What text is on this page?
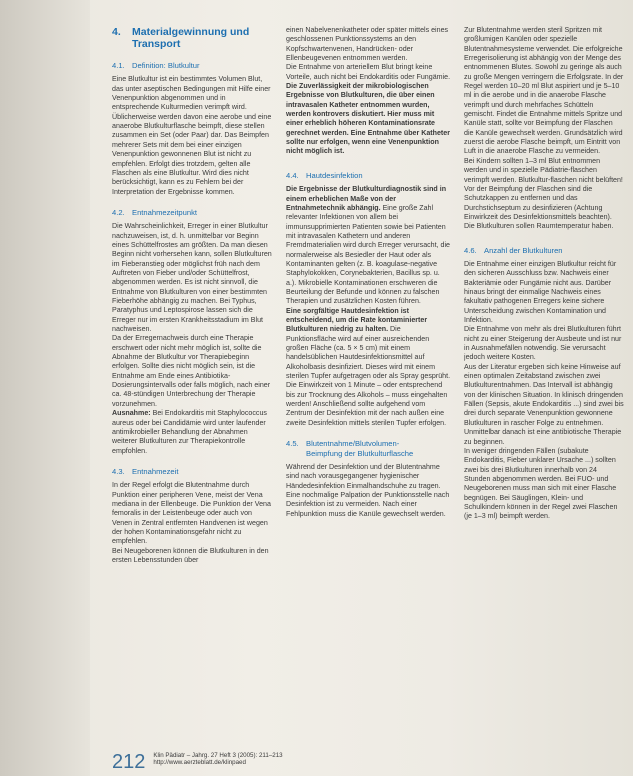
4.	Materialgewinnung und
Transport
4.1. Definition: Blutkultur

Eine Blutkultur ist ein bestimmtes Volumen Blut, das unter aseptischen Bedingungen mit Hilfe einer Venenpunktion abgenommen und in entsprechende Kulturmedien verimpft wird. Üblicherweise werden davon eine aerobe und eine anaerobe Blutkulturflasche beimpft, diese stellen zusammen ein Set (oder Paar) dar. Das Beimpfen mehrerer Sets mit dem bei einer einzigen Venenpunktion gewonnenen Blut ist nicht zu empfehlen. Erfolgt dies trotzdem, gelten alle Flaschen als eine Blutkultur. Wird dies nicht berücksichtigt, kann es zu Fehlern bei der Interpretation der Ergebnisse kommen.

4.2. Entnahmezeitpunkt

Die Wahrscheinlichkeit, Erreger in einer Blutkultur nachzuweisen, ist, d. h. unmittelbar vor Beginn eines Schüttelfrostes am größten. Da man diesen Beginn nicht vorhersehen kann, sollen Blutkulturen im Fieberanstieg oder möglichst früh nach dem Auftreten von Fieber und/oder Schüttelfrost, abgenommen werden. Es ist nicht sinnvoll, die Entnahme von Blutkulturen von einer bestimmten Fieberhöhe abhängig zu machen. Bei Typhus, Paratyphus und Leptospirose lassen sich die Erreger nur im ersten Krankheitsstadium im Blut nachweisen.

Da der Erregernachweis durch eine Therapie erschwert oder nicht mehr möglich ist, sollte die Abnahme der Blutkultur vor Therapiebeginn erfolgen. Sollte dies nicht möglich sein, ist die Entnahme am Ende eines Antibiotika-Dosierungsintervalls oder falls möglich, nach einer ca. 48-stündigen Unterbrechung der Therapie vorzunehmen.

Ausnahme: Bei Endokarditis mit Staphylococcus aureus oder bei Candidämie wird unter laufender antimikrobieller Behandlung der Abnahmen weiterer Blutkulturen zur Therapiekontrolle empfohlen.

4.3. Entnahmezeit

In der Regel erfolgt die Blutentnahme durch Punktion einer peripheren Vene, meist der Vena mediana in der Ellenbeuge. Die Punktion der Vena femoralis in der Leistenbeuge oder auch von Venen in Zentral entfernten Handvenen ist wegen der hohen Kontaminationsgefahr nicht zu empfehlen.

Bei Neugeborenen können die Blutkulturen in den ersten Lebensstunden über

einen Nabelvenenkatheter oder später mittels eines geschlossenen Punktionssystems an den Kopfschwartenvenen, Handrücken- oder Ellenbeugevenen entnommen werden.

Die Entnahme von arteriellem Blut bringt keine Vorteile, auch nicht bei Endokarditis oder Fungämie.

Die Zuverlässigkeit der mikrobiologischen Ergebnisse von Blutkulturen, die über einen intravasalen Katheter entnommen wurden, werden kontrovers diskutiert. Hier muss mit einer erheblich höheren Kontaminationsrate gerechnet werden. Eine Entnahme über Katheter sollte nur erfolgen, wenn eine Venenpunktion nicht möglich ist.

4.4. Hautdesinfektion

Die Ergebnisse der Blutkulturdiagnostik sind in einem erheblichen Maße von der Entnahmetechnik abhängig. Eine große Zahl relevanter Infektionen von allem bei immunsupprimierten Patienten sowie bei Patienten mit intravasalen Kathetern und anderen Fremdmaterialien wird durch Erreger verursacht, die normalerweise als Besiedler der Haut oder als Kontaminanten gelten (z. B. koagulase-negative Staphylokokken, Corynebakterien, Bacillus sp. u. a.). Mikrobielle Kontaminationen erschweren die Beurteilung der Befunde und können zu falschen Therapien und zusätzlichen Kosten führen.

Eine sorgfältige Hautdesinfektion ist entscheidend, um die Rate kontaminierter Blutkulturen niedrig zu halten. Die Punktionsfläche wird auf einer ausreichenden großen Fläche (ca. 5 × 5 cm) mit einem handelsüblichen Hautdesinfektionsmittel auf Alkoholbasis desinfiziert. Dieses wird mit einem sterilen Tupfer aufgetragen oder als Spray gesprüht. Die Einwirkzeit von 1 Minute – oder entsprechend bis zur Trocknung des Alkohols – muss eingehalten werden! Anschließend sollte aufgehend vom Zentrum der Desinfektion mit der nach außen eine zweite Desinfektion mittels sterilen Tupfer erfolgen.

4.5. Blutentnahme/Blutvolumen-
Beimpfung der Blutkulturflasche

Während der Desinfektion und der Blutentnahme sind nach vorausgegangener hygienischer Händedesinfektion Einmalhandschuhe zu tragen. Eine nochmalige Palpation der Punktionsstelle nach Desinfektion ist zu vermeiden. Nach einer Fehlpunktion muss die Kanüle gewechselt werden.

Zur Blutentnahme werden steril Spritzen mit großlumigen Kanülen oder spezielle Blutentnahmesysteme verwendet. Die erfolgreiche Erregerisolierung ist abhängig von der Menge des entnommenen Blutes. Sowohl zu geringe als auch zu große Mengen verringern die Erfolgsrate. In der Regel werden 10–20 ml Blut aspiriert und je 5–10 ml in die aerobe und in die anaerobe Flasche verimpft und durch mehrfaches Schütteln gemischt. Findet die Entnahme mittels Spritze und Kanüle statt, sollte vor Beimpfung der Flaschen die Kanüle gewechselt werden. Grundsätzlich wird zuerst die aerobe Flasche beimpft, um Eintritt von Luft in die anaerobe Flasche zu vermeiden.

Bei Kindern sollten 1–3 ml Blut entnommen werden und in spezielle Pädiatrie-flaschen verimpft werden. Blutkultur-flaschen nicht belüften!

Vor der Beimpfung der Flaschen sind die Schutzkappen zu entfernen und das Durchstichseptum zu desinfizieren (Achtung Einwirkzeit des Desinfektionsmittels beachten). Die Blutkulturen sollen Raumtemperatur haben.

4.6. Anzahl der Blutkulturen

Die Entnahme einer einzigen Blutkultur reicht für den sicheren Ausschluss bzw. Nachweis einer Bakteriämie oder Fungämie nicht aus. Darüber hinaus bringt der einmalige Nachweis eines fakultativ pathogenen Erregers keine sichere Unterscheidung zwischen Kontamination und Infektion.

Die Entnahme von mehr als drei Blutkulturen führt nicht zu einer Steigerung der Ausbeute und ist nur in Ausnahmefällen notwendig. Sie verursacht jedoch weitere Kosten.

Aus der Literatur ergeben sich keine Hinweise auf einen optimalen Zeitabstand zwischen zwei Blutkulturentnahmen. Das Intervall ist abhängig von der klinischen Situation. In klinisch dringenden Fällen (Sepsis, akute Endokarditis ...) sind zwei bis drei durch separate Venenpunktion gewonnene Blutkulturen in rascher Folge zu entnehmen. Unmittelbar danach ist eine antibiotische Therapie zu beginnen.

In weniger dringenden Fällen (subakute Endokarditis, Fieber unklarer Ursache ...) sollten zwei bis drei Blutkulturen innerhalb von 24 Stunden abgenommen werden. Bei FUO- und Neugeborenen muss man sich mit einer Flasche begnügen. Bei Säuglingen, Klein- und Schulkindern können in der Regel zwei Flaschen (je 1–3 ml) beimpft werden.

212 Klin Pädiatr – Jahrg. 27 Heft 3 (2005): 211–213
http://www.aerzteblatt.de/klinpaed
